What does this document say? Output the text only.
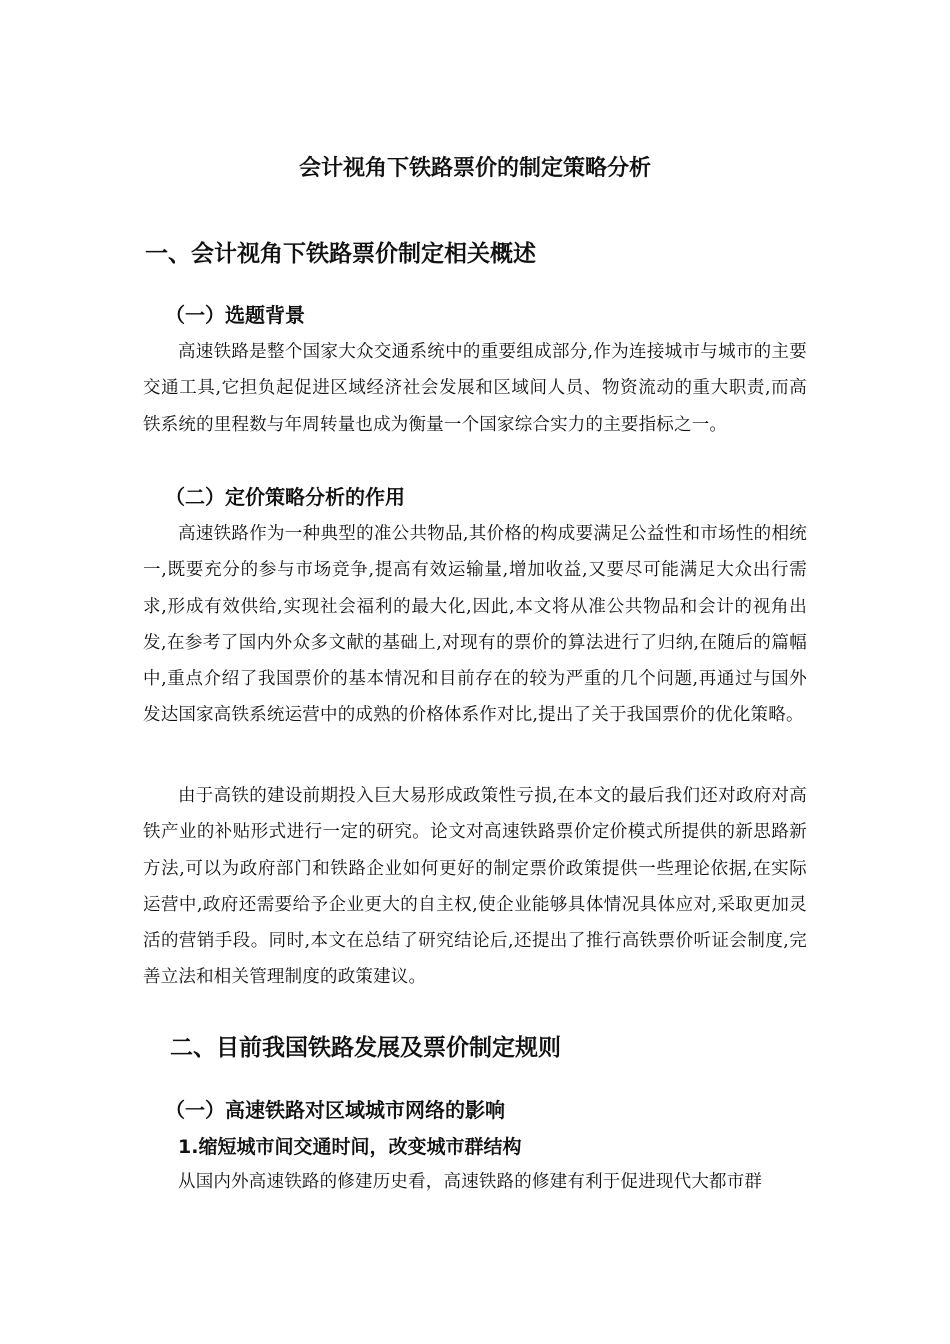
会计视角下铁路票价的制定策略分析
一、会计视角下铁路票价制定相关概述
（一）选题背景

高速铁路是整个国家大众交通系统中的重要组成部分,作为连接城市与城市的主要交通工具,它担负起促进区域经济社会发展和区域间人员、物资流动的重大职责,而高铁系统的里程数与年周转量也成为衡量一个国家综合实力的主要指标之一。

（二）定价策略分析的作用

高速铁路作为一种典型的准公共物品,其价格的构成要满足公益性和市场性的相统一,既要充分的参与市场竞争,提高有效运输量,增加收益,又要尽可能满足大众出行需求,形成有效供给,实现社会福利的最大化,因此,本文将从准公共物品和会计的视角出发,在参考了国内外众多文献的基础上,对现有的票价的算法进行了归纳,在随后的篇幅中,重点介绍了我国票价的基本情况和目前存在的较为严重的几个问题,再通过与国外发达国家高铁系统运营中的成熟的价格体系作对比,提出了关于我国票价的优化策略。

由于高铁的建设前期投入巨大易形成政策性亏损,在本文的最后我们还对政府对高铁产业的补贴形式进行一定的研究。论文对高速铁路票价定价模式所提供的新思路新方法,可以为政府部门和铁路企业如何更好的制定票价政策提供一些理论依据,在实际运营中,政府还需要给予企业更大的自主权,使企业能够具体情况具体应对,采取更加灵活的营销手段。同时,本文在总结了研究结论后,还提出了推行高铁票价听证会制度,完善立法和相关管理制度的政策建议。

二、目前我国铁路发展及票价制定规则
（一）高速铁路对区域城市网络的影响
1.缩短城市间交通时间，改变城市群结构

从国内外高速铁路的修建历史看，高速铁路的修建有利于促进现代大都市群
